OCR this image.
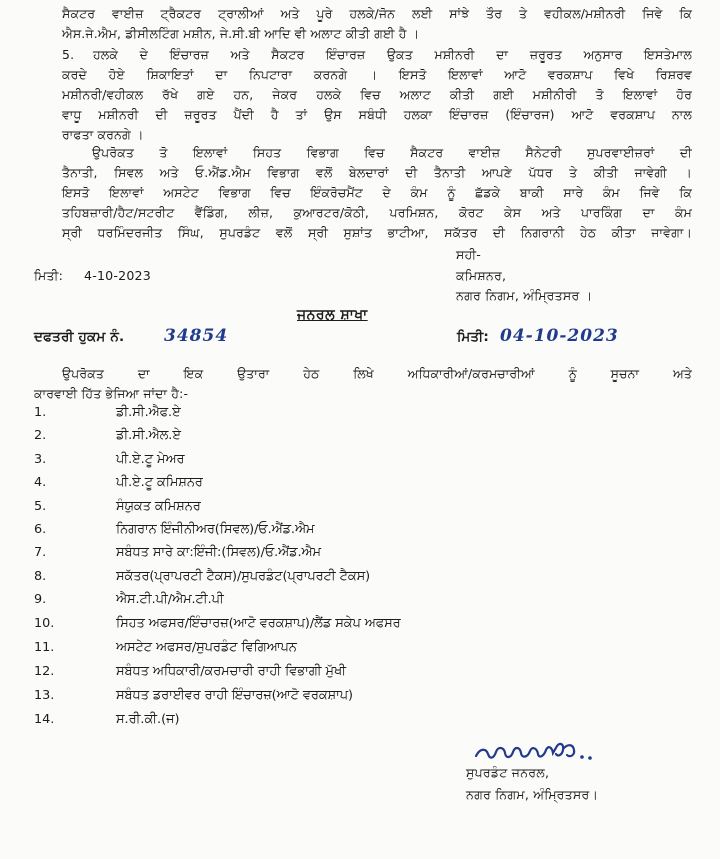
ਸੈਕਟਰ ਵਾਈਜ਼ ਟ੍ਰੈਕਟਰ ਟ੍ਰਾਲੀਆਂ ਅਤੇ ਪੂਰੇ ਹਲਕੇ/ਜੋਨ ਲਈ ਸਾਂਝੇ ਤੌਰ ਤੇ ਵਹੀਕਲ/ਮਸ਼ੀਨਰੀ ਜਿਵੇ ਕਿ
ਐਸ.ਜੇ.ਐਮ, ਡੀਸੀਲਟਿੰਗ ਮਸ਼ੀਨ, ਜੇ.ਸੀ.ਬੀ ਆਦਿ ਵੀ ਅਲਾਟ ਕੀਤੀ ਗਈ ਹੈ ।
5. ਹਲਕੇ ਦੇ ਇੰਚਾਰਜ਼ ਅਤੇ ਸੈਕਟਰ ਇੰਚਾਰਜ਼ ਉਕਤ ਮਸ਼ੀਨਰੀ ਦਾ ਜ਼ਰੂਰਤ ਅਨੁਸਾਰ ਇਸਤੇਮਾਲ
ਕਰਦੇ ਹੋਏ ਸ਼ਿਕਾਇਤਾਂ ਦਾ ਨਿਪਟਾਰਾ ਕਰਨਗੇ । ਇਸਤੋ ਇਲਾਵਾਂ ਆਟੋ ਵਰਕਸ਼ਾਪ ਵਿਖੇ ਰਿਸ਼ਰਵ
ਮਸ਼ੀਨਰੀ/ਵਹੀਕਲ ਰੱਖੇ ਗਏ ਹਨ, ਜੇਕਰ ਹਲਕੇ ਵਿਚ ਅਲਾਟ ਕੀਤੀ ਗਈ ਮਸ਼ੀਨੀਰੀ ਤੋ ਇਲਾਵਾਂ ਹੋਰ
ਵਾਧੂ ਮਸ਼ੀਨਰੀ ਦੀ ਜ਼ਰੂਰਤ ਪੈਂਦੀ ਹੈ ਤਾਂ ਉਸ ਸਬੰਧੀ ਹਲਕਾ ਇੰਚਾਰਜ਼ (ਇੰਚਾਰਜ) ਆਟੋ ਵਰਕਸ਼ਾਪ ਨਾਲ
ਰਾਫਤਾ ਕਰਨਗੇ ।
ਉਪਰੋਕਤ ਤੋ ਇਲਾਵਾਂ ਸਿਹਤ ਵਿਭਾਗ ਵਿਚ ਸੈਕਟਰ ਵਾਈਜ਼ ਸੈਨੇਟਰੀ ਸੁਪਰਵਾਈਜ਼ਰਾਂ ਦੀ
ਤੈਨਾਤੀ, ਸਿਵਲ ਅਤੇ ਓ.ਐਂਡ.ਐਮ ਵਿਭਾਗ ਵਲੋਂ ਬੇਲਦਾਰਾਂ ਦੀ ਤੈਨਾਤੀ ਆਪਣੇ ਪੱਧਰ ਤੇ ਕੀਤੀ ਜਾਵੇਗੀ ।
ਇਸਤੋ ਇਲਾਵਾਂ ਅਸਟੇਟ ਵਿਭਾਗ ਵਿਚ ਇੰਕਰੋਚਮੈਂਟ ਦੇ ਕੰਮ ਨੂੰ ਛੱਡਕੇ ਬਾਕੀ ਸਾਰੇ ਕੰਮ ਜਿਵੇ ਕਿ
ਤਹਿਬਜ਼ਾਰੀ/ਹੈਟ/ਸਟਰੀਟ ਵੈਂਡਿੰਗ, ਲੀਜ਼, ਕੁਆਰਟਰ/ਕੋਠੀ, ਪਰਮਿਸ਼ਨ, ਕੋਰਟ ਕੇਸ ਅਤੇ ਪਾਰਕਿੰਗ ਦਾ ਕੰਮ
ਸ੍ਰੀ ਧਰਮਿੰਦਰਜੀਤ ਸਿੰਘ, ਸੁਪਰਡੰਟ ਵਲੋਂ ਸ੍ਰੀ ਸੁਸ਼ਾਂਤ ਭਾਟੀਆ, ਸਕੱਤਰ ਦੀ ਨਿਗਰਾਨੀ ਹੇਠ ਕੀਤਾ ਜਾਵੇਗਾ।
ਸਹੀ-
ਮਿਤੀ: 4-10-2023	ਕਮਿਸ਼ਨਰ,
ਨਗਰ ਨਿਗਮ, ਅੰਮ੍ਰਿਤਸਰ ।
ਜਨਰਲ ਸ਼ਾਖਾ
ਦਫਤਰੀ ਹੁਕਮ ਨੰ. 34854	ਮਿਤੀ: 04-10-2023
ਉਪਰੋਕਤ ਦਾ ਇਕ ਉਤਾਰਾ ਹੇਠ ਲਿਖੇ ਅਧਿਕਾਰੀਆਂ/ਕਰਮਚਾਰੀਆਂ ਨੂੰ ਸੂਚਨਾ ਅਤੇ
ਕਾਰਵਾਈ ਹਿੱਤ ਭੇਜਿਆ ਜਾਂਦਾ ਹੈ:-
1.	ਡੀ.ਸੀ.ਐਫ.ਏ
2.	ਡੀ.ਸੀ.ਐਲ.ਏ
3.	ਪੀ.ਏ.ਟੂ ਮੇਅਰ
4.	ਪੀ.ਏ.ਟੂ ਕਮਿਸ਼ਨਰ
5.	ਸੰਯੁਕਤ ਕਮਿਸ਼ਨਰ
6.	ਨਿਗਰਾਨ ਇੰਜੀਨੀਅਰ(ਸਿਵਲ)/ਓ.ਐਂਡ.ਐਮ
7.	ਸਬੰਧਤ ਸਾਰੇ ਕਾ:ਇੰਜੀ:(ਸਿਵਲ)/ਓ.ਐਂਡ.ਐਮ
8.	ਸਕੱਤਰ(ਪ੍ਰਾਪਰਟੀ ਟੈਕਸ)/ਸੁਪਰਡੰਟ(ਪ੍ਰਾਪਰਟੀ ਟੈਕਸ)
9.	ਐਸ.ਟੀ.ਪੀ/ਐਮ.ਟੀ.ਪੀ
10.	ਸਿਹਤ ਅਫਸਰ/ਇੰਚਾਰਜ਼(ਆਟੋ ਵਰਕਸ਼ਾਪ)/ਲੈਂਡ ਸਕੇਪ ਅਫਸਰ
11.	ਅਸਟੇਟ ਅਫਸਰ/ਸੁਪਰਡੰਟ ਵਿਗਿਆਪਨ
12.	ਸਬੰਧਤ ਅਧਿਕਾਰੀ/ਕਰਮਚਾਰੀ ਰਾਹੀ ਵਿਭਾਗੀ ਮੁੱਖੀ
13.	ਸਬੰਧਤ ਡਰਾਈਵਰ ਰਾਹੀ ਇੰਚਾਰਜ਼(ਆਟੋ ਵਰਕਸ਼ਾਪ)
14.	ਸ.ਰੀ.ਕੀ.(ਜ)
ਸੁਪਰਡੰਟ ਜਨਰਲ,
ਨਗਰ ਨਿਗਮ, ਅੰਮ੍ਰਿਤਸਰ।
